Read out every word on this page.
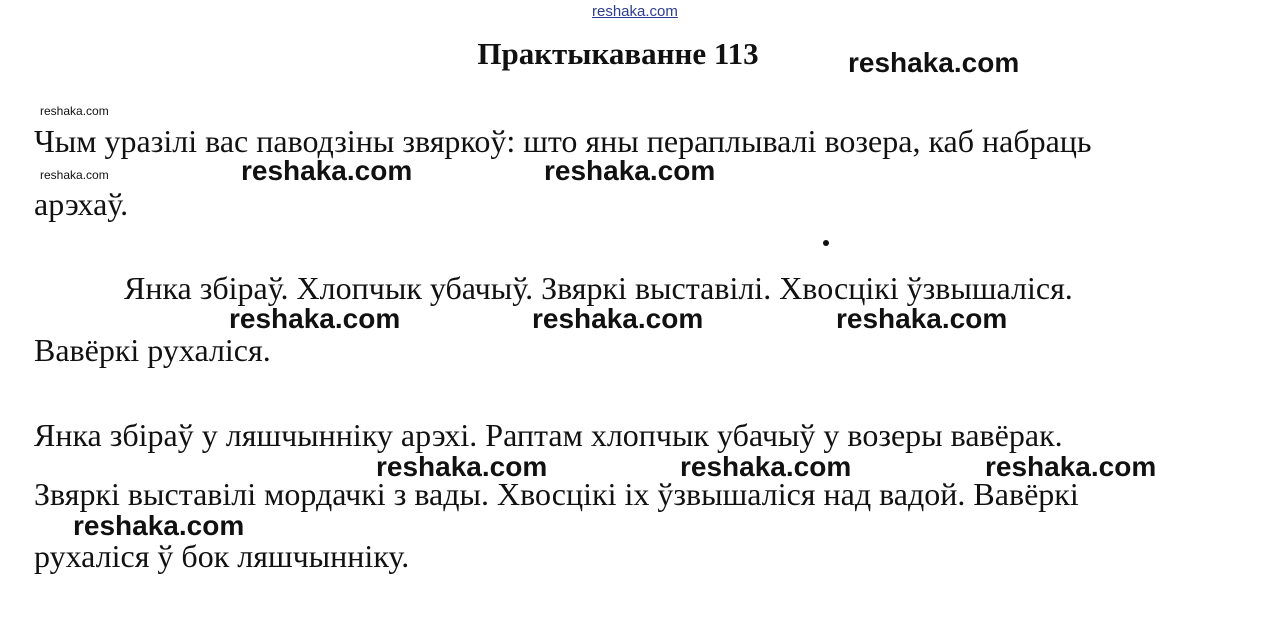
reshaka.com
Практыкаванне 113
Чым уразілі вас паводзіны звяркоў: што яны пераплывалі возера, каб набраць
арэхаў.
Янка збіраў. Хлопчык убачыў. Звяркі выставілі. Хвосцікі ўзвышаліся.
Вавёркі рухаліся.
Янка збіраў у ляшчынніку арэхі. Раптам хлопчык убачыў у возеры вавёрак.
Звяркі выставілі мордачкі з вады. Хвосцікі іх ўзвышаліся над вадой. Вавёркі
рухаліся ў бок ляшчынніку.
reshaka.com
reshaka.com
reshaka.com	reshaka.com	reshaka.com
reshaka.com	reshaka.com	reshaka.com
reshaka.com	reshaka.com	reshaka.com
reshaka.com
